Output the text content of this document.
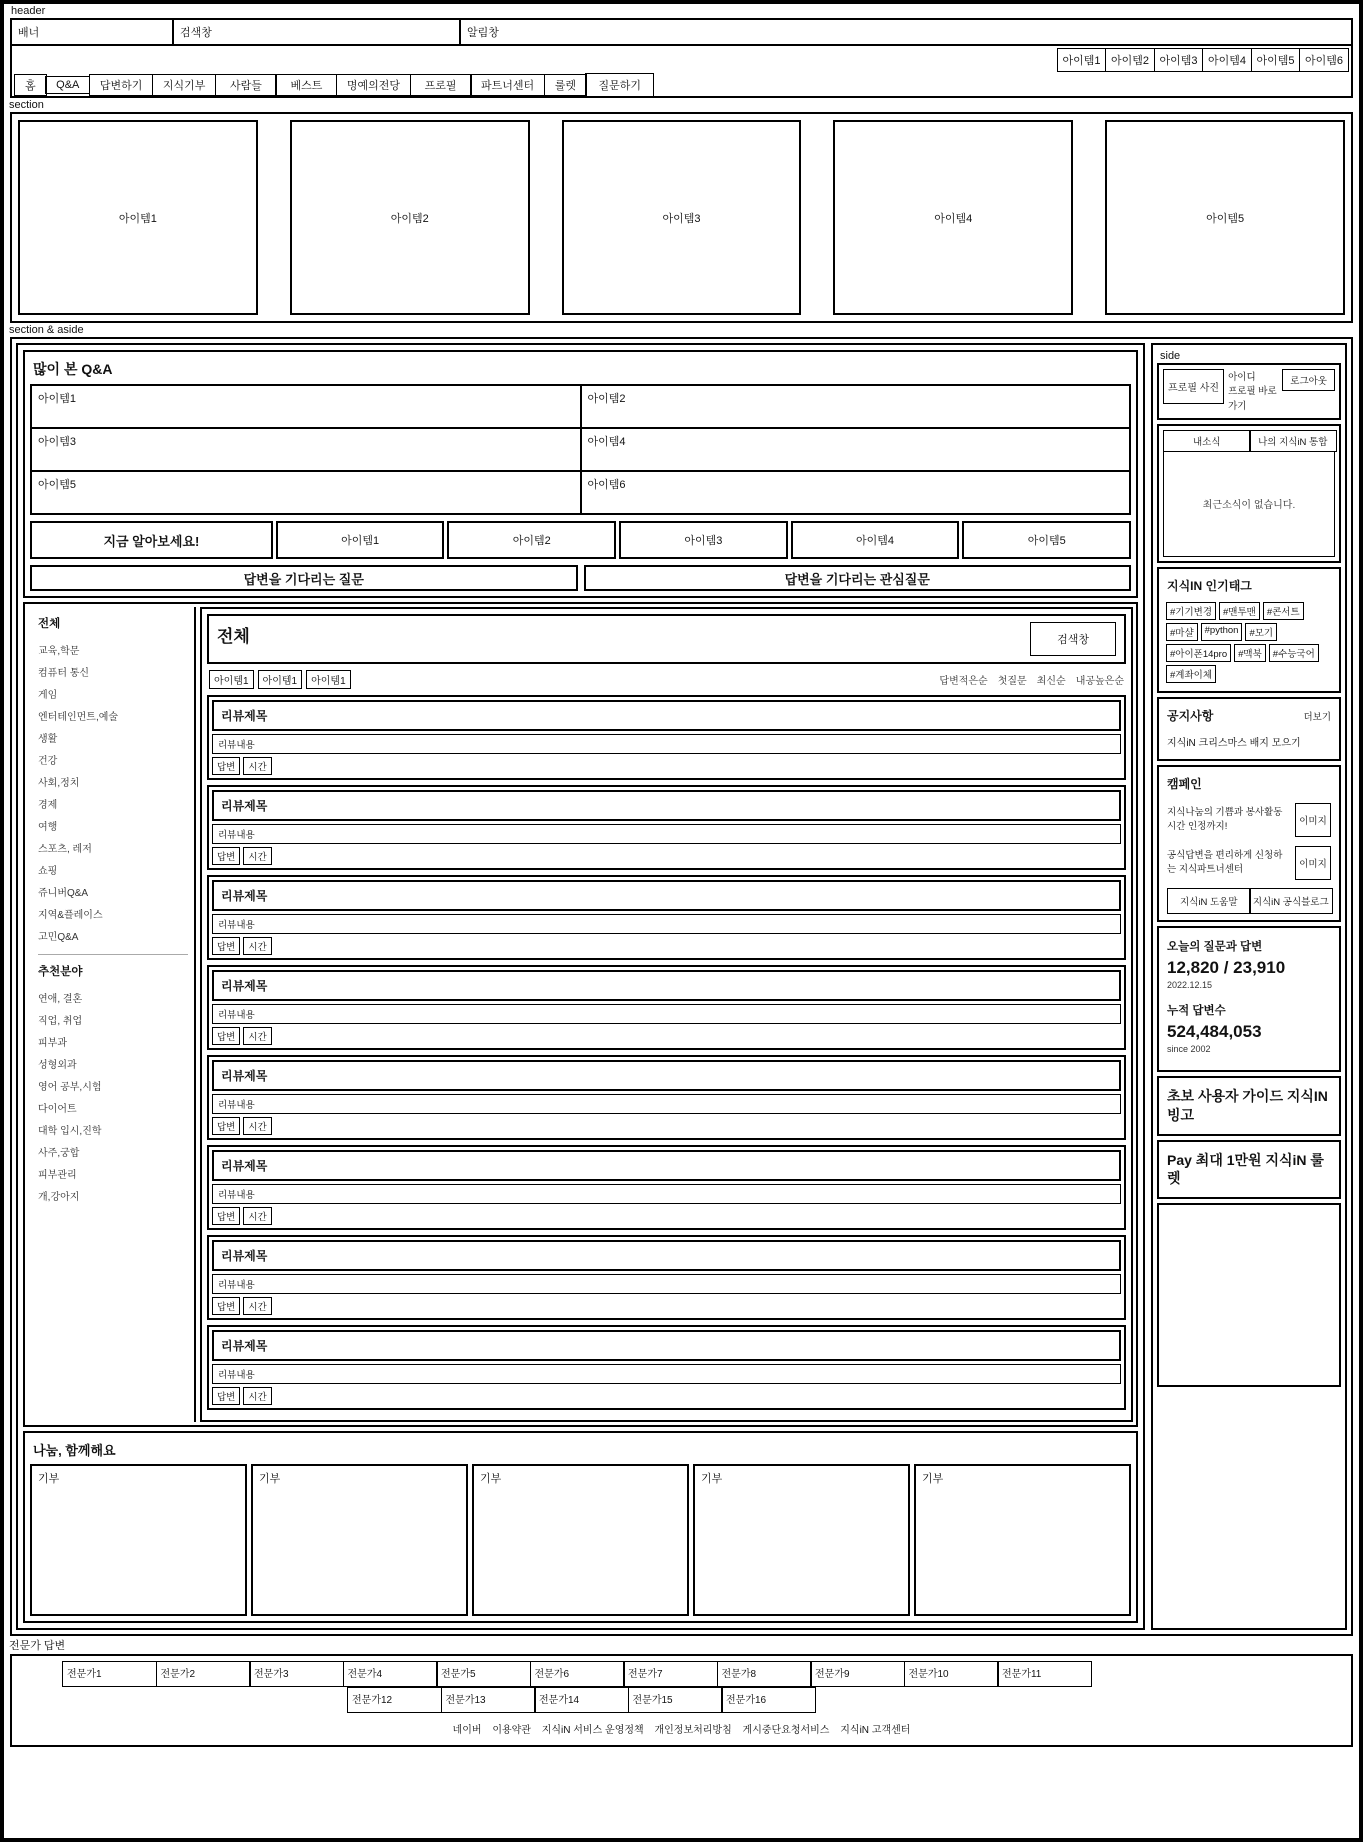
header
배너	검색창	알림창
아이템1 아이템2 아이템3 아이템4 아이템5 아이템6
홈	Q&A	답변하기	지식기부	사람들	베스트	명예의전당	프로필	파트너센터	룰렛	질문하기
section
아이템1	아이템2	아이템3	아이템4	아이템5
section & aside
많이 본 Q&A
아이템1	아이템2
아이템3	아이템4
아이템5	아이템6
지금 알아보세요!	아이템1	아이템2	아이템3	아이템4	아이템5
답변을 기다리는 질문	답변을 기다리는 관심질문
전체
교육,학문
컴퓨터 통신
게임
엔터테인먼트,예술
생활
건강
사회,정치
경제
여행
스포츠, 레저
쇼핑
쥬니버Q&A
지역&플레이스
고민Q&A
추천분야
연애, 결혼
직업, 취업
피부과
성형외과
영어 공부,시험
다이어트
대학 입시,진학
사주,궁합
피부관리
개,강아지
전체	검색창
아이템1	아이템1	아이템1	답변적은순 첫질문 최신순 내공높은순
리뷰제목
리뷰내용
답변	시간
리뷰제목
리뷰내용
답변	시간
리뷰제목
리뷰내용
답변	시간
리뷰제목
리뷰내용
답변	시간
리뷰제목
리뷰내용
답변	시간
리뷰제목
리뷰내용
답변	시간
리뷰제목
리뷰내용
답변	시간
리뷰제목
리뷰내용
답변	시간
나눔, 함께해요
기부	기부	기부	기부	기부
side
프로필 사진
아이디
프로필 바로가기
로그아웃
내소식	나의 지식iN 통합
최근소식이 없습니다.
지식IN 인기태그
#기기변경	#맨투맨	#콘서트
#마샬	#python	#모기
#아이폰14pro	#맥북	#수능국어
#계좌이체
공지사항	더보기
지식iN 크리스마스 배지 모으기
캠페인
지식나눔의 기쁨과 봉사활동 시간 인정까지!	이미지
공식답변을 편리하게 신청하는 지식파트너센터	이미지
지식iN 도움말	지식iN 공식블로그
오늘의 질문과 답변
12,820 / 23,910
2022.12.15
누적 답변수
524,484,053
since 2002
초보 사용자 가이드 지식IN 빙고
Pay 최대 1만원 지식iN 룰렛
전문가 답변
전문가1	전문가2	전문가3	전문가4	전문가5	전문가6	전문가7	전문가8	전문가9	전문가10	전문가11
전문가12	전문가13	전문가14	전문가15	전문가16
네이버 이용약관 지식iN 서비스 운영정책 개인정보처리방침 게시중단요청서비스 지식iN 고객센터
